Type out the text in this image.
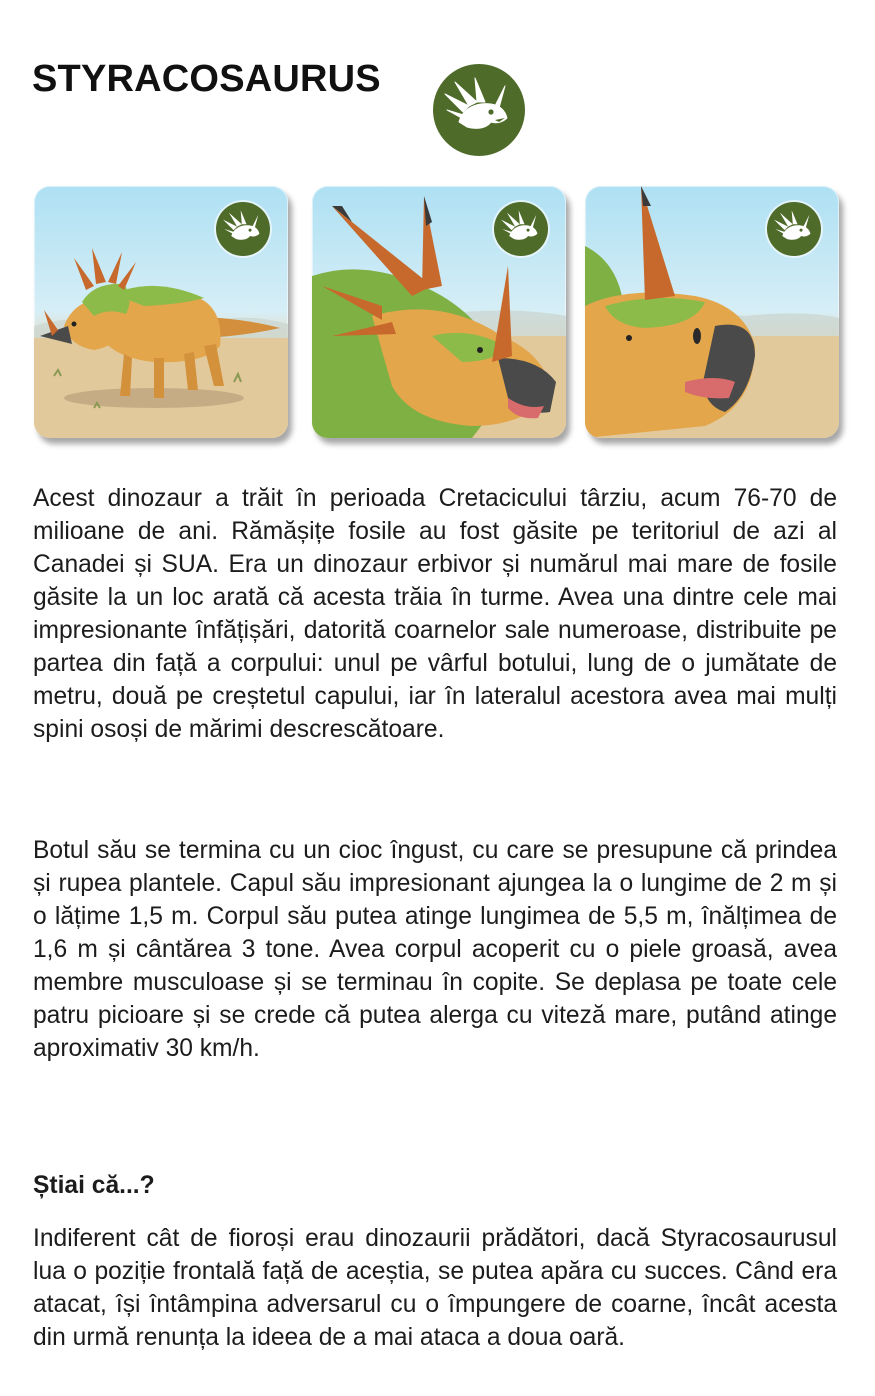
STYRACOSAURUS

Acest dinozaur a trăit în perioada Cretacicului târziu, acum 76-70 de milioane de ani. Rămășițe fosile au fost găsite pe teritoriul de azi al Canadei și SUA. Era un dinozaur erbivor și numărul mai mare de fosile găsite la un loc arată că acesta trăia în turme. Avea una dintre cele mai impresionante înfățișări, datorită coarnelor sale numeroase, distribuite pe partea din față a corpului: unul pe vârful botului, lung de o jumătate de metru, două pe creștetul capului, iar în lateralul acestora avea mai mulți spini osoși de mărimi descrescătoare.

Botul său se termina cu un cioc îngust, cu care se presupune că prindea și rupea plantele. Capul său impresionant ajungea la o lungime de 2 m și o lățime 1,5 m. Corpul său putea atinge lungimea de 5,5 m, înălțimea de 1,6 m și cântărea 3 tone. Avea corpul acoperit cu o piele groasă, avea membre musculoase și se terminau în copite. Se deplasa pe toate cele patru picioare și se crede că putea alerga cu viteză mare, putând atinge aproximativ 30 km/h.

Știai că...?

Indiferent cât de fioroși erau dinozaurii prădători, dacă Styracosaurusul lua o poziție frontală față de aceștia, se putea apăra cu succes. Când era atacat, își întâmpina adversarul cu o împungere de coarne, încât acesta din urmă renunța la ideea de a mai ataca a doua oară.
